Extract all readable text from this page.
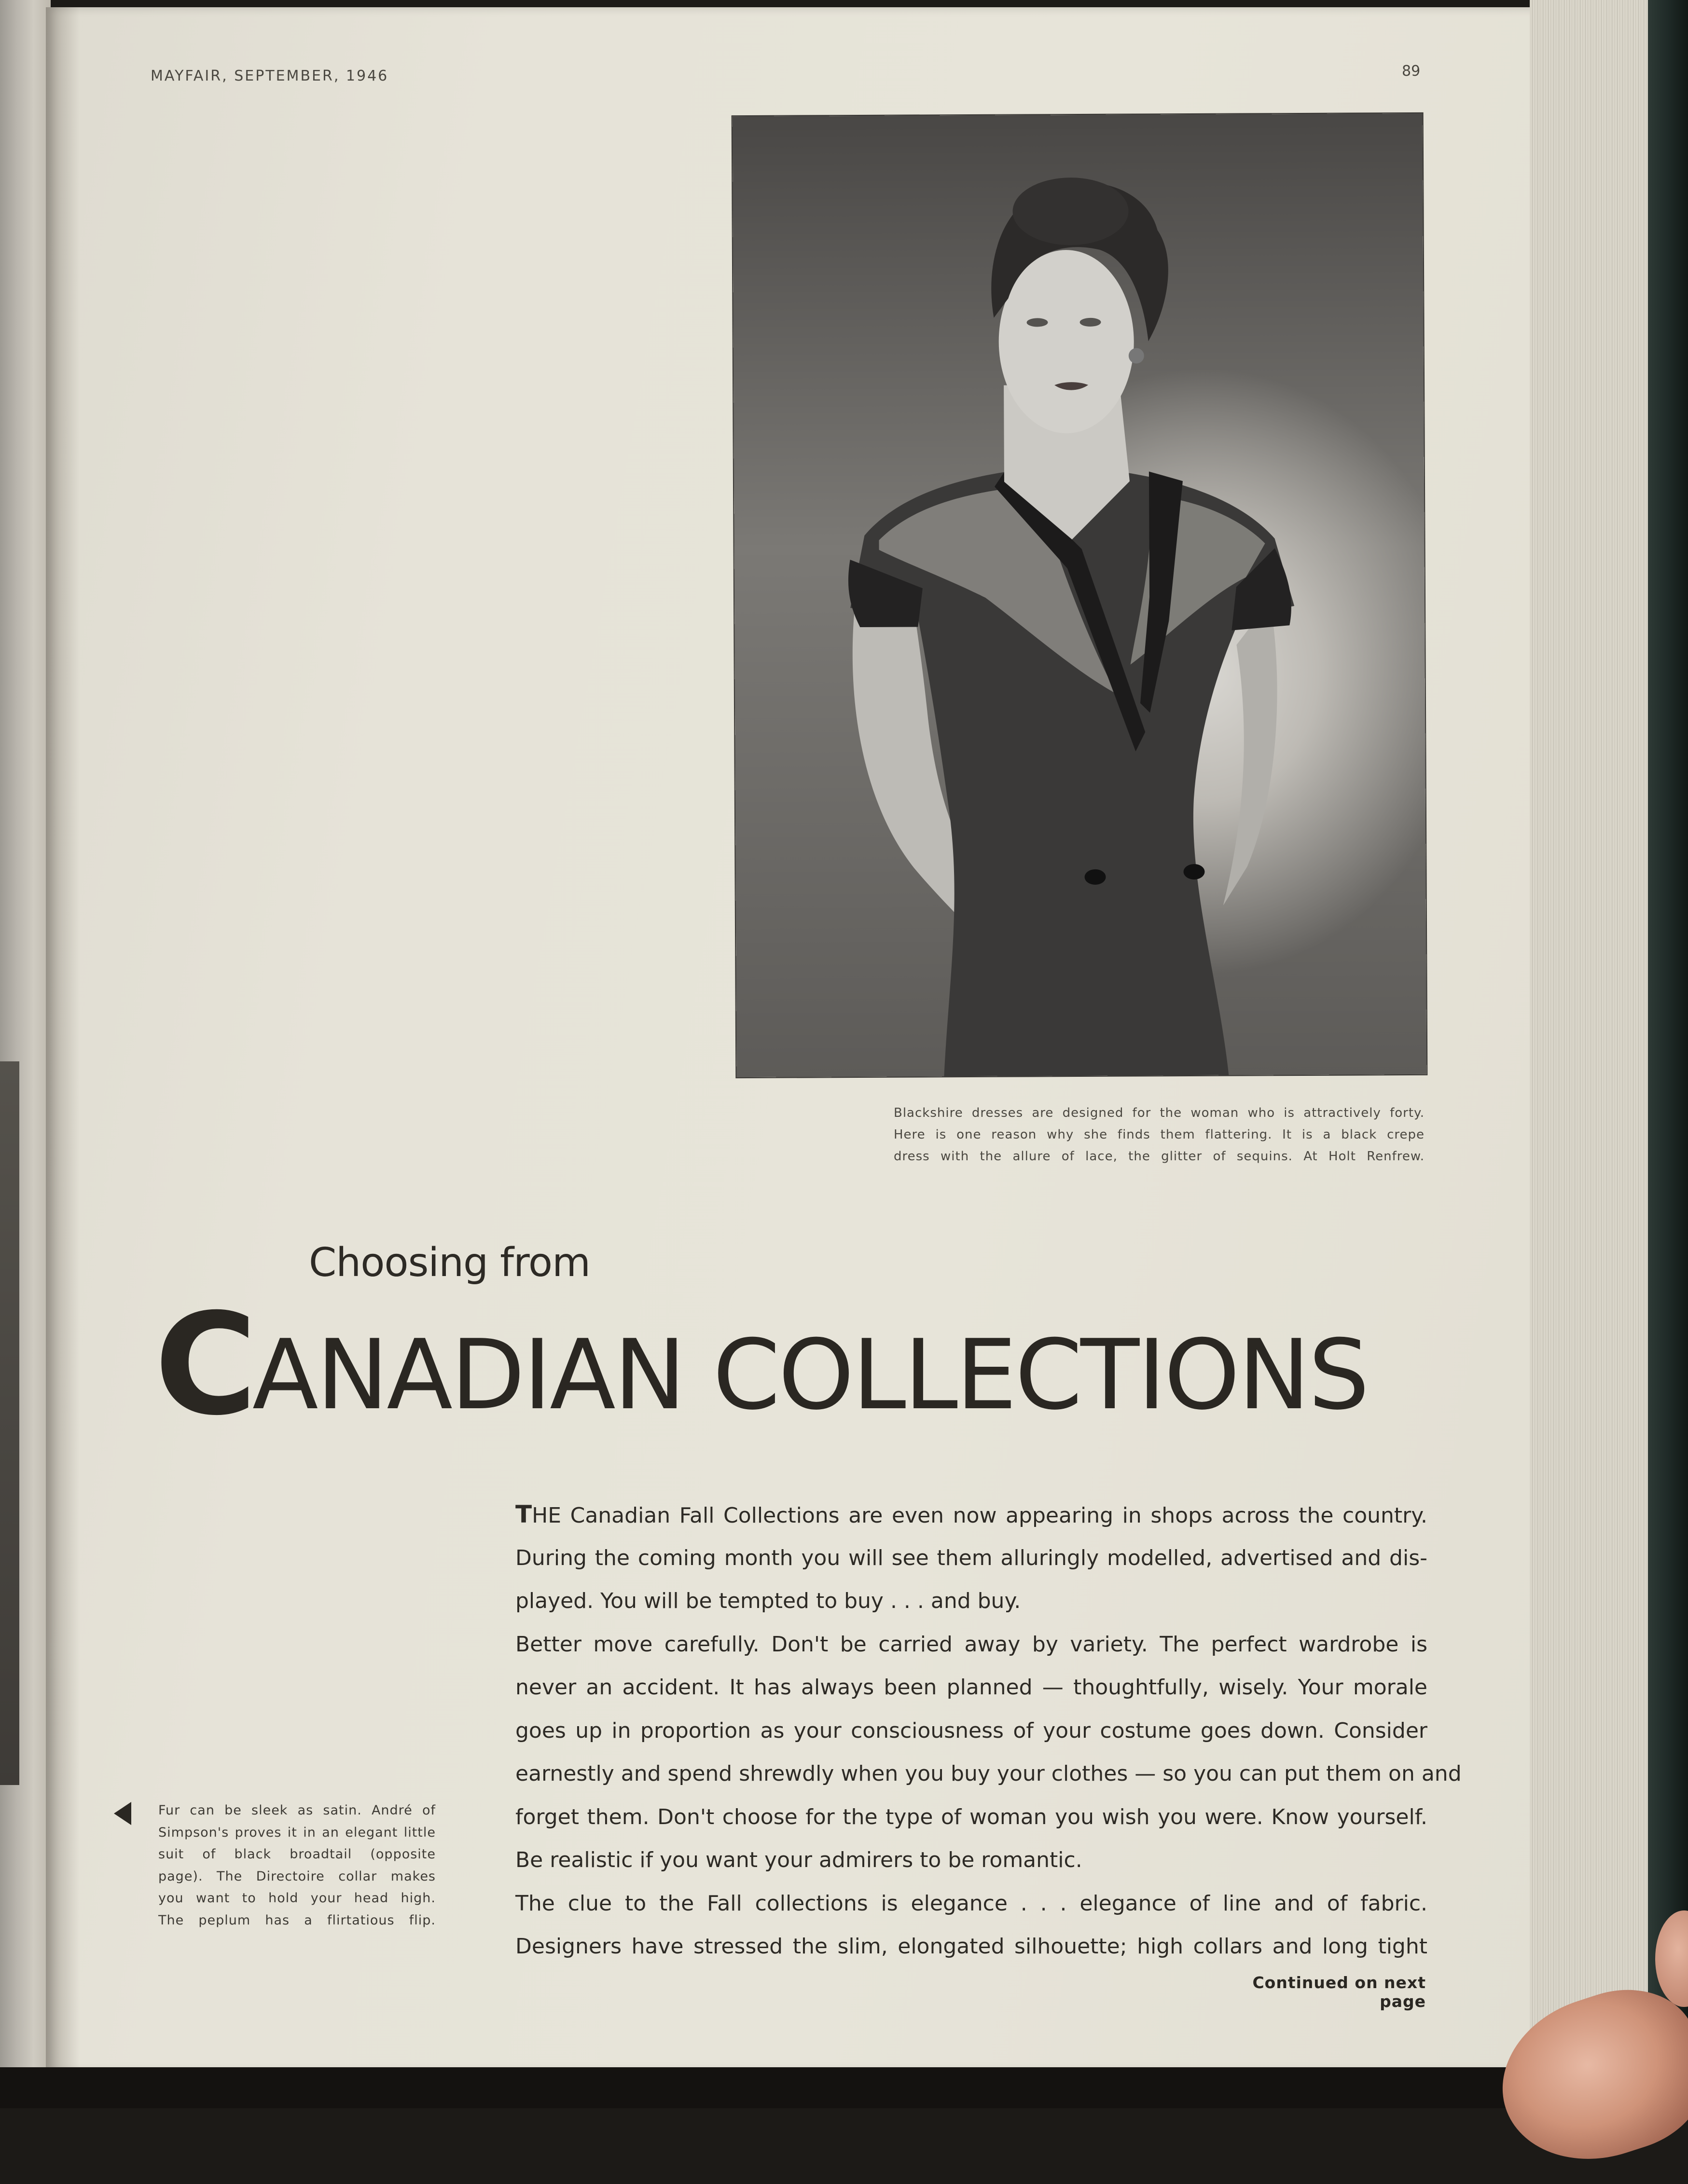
MAYFAIR, SEPTEMBER, 1946	89
Blackshire dresses are designed for the woman who is attractively forty.
Here is one reason why she finds them flattering. It is a black crepe
dress with the allure of lace, the glitter of sequins. At Holt Renfrew.
Choosing from
CANADIAN COLLECTIONS
THE Canadian Fall Collections are even now appearing in shops across the country.
During the coming month you will see them alluringly modelled, advertised and dis-
played. You will be tempted to buy . . . and buy.
Better move carefully. Don't be carried away by variety. The perfect wardrobe is
never an accident. It has always been planned — thoughtfully, wisely. Your morale
goes up in proportion as your consciousness of your costume goes down. Consider
earnestly and spend shrewdly when you buy your clothes — so you can put them on and
forget them. Don't choose for the type of woman you wish you were. Know yourself.
Be realistic if you want your admirers to be romantic.
The clue to the Fall collections is elegance . . . elegance of line and of fabric.
Designers have stressed the slim, elongated silhouette; high collars and long tight
Fur can be sleek as satin. André of
Simpson's proves it in an elegant little
suit of black broadtail (opposite
page). The Directoire collar makes
you want to hold your head high.
The peplum has a flirtatious flip.
Continued on next page
